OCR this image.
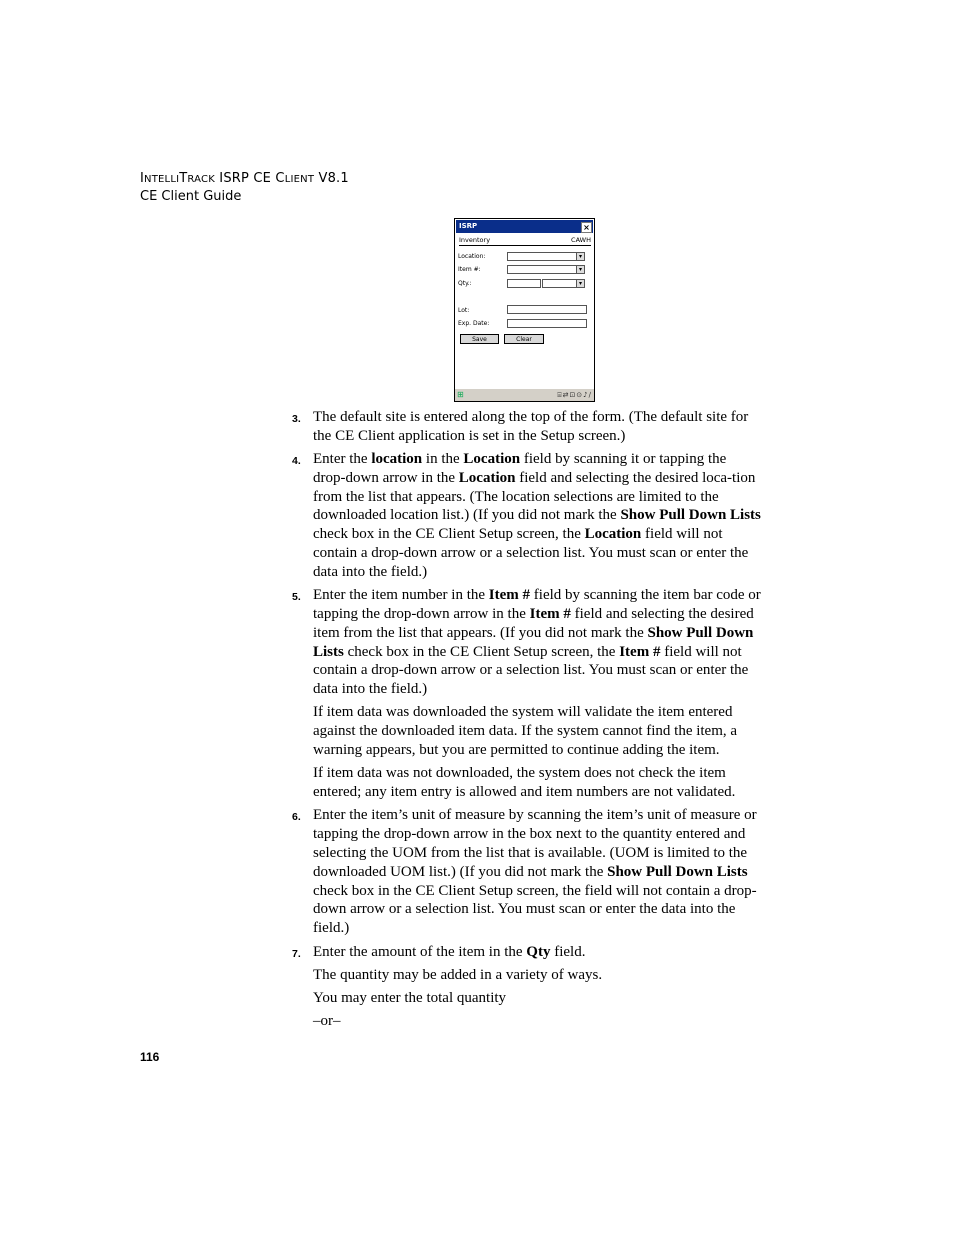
INTELLITRACK ISRP CE CLIENT V8.1
CE Client Guide
ISRP	×
Inventory	CAWH
Location:	▾
Item #:	▾
Qty.:	▾
Lot:
Exp. Date:
Save	Clear
⊞	⌸⇄⊡⊙♪∕
3. The default site is entered along the top of the form. (The default site for the CE Client application is set in the Setup screen.)

4. Enter the location in the Location field by scanning it or tapping the drop-down arrow in the Location field and selecting the desired loca-tion from the list that appears. (The location selections are limited to the downloaded location list.) (If you did not mark the Show Pull Down Lists check box in the CE Client Setup screen, the Location field will not contain a drop-down arrow or a selection list. You must scan or enter the data into the field.)

5. Enter the item number in the Item # field by scanning the item bar code or tapping the drop-down arrow in the Item # field and selecting the desired item from the list that appears. (If you did not mark the Show Pull Down Lists check box in the CE Client Setup screen, the Item # field will not contain a drop-down arrow or a selection list. You must scan or enter the data into the field.)

If item data was downloaded the system will validate the item entered against the downloaded item data. If the system cannot find the item, a warning appears, but you are permitted to continue adding the item.

If item data was not downloaded, the system does not check the item entered; any item entry is allowed and item numbers are not validated.

6. Enter the item’s unit of measure by scanning the item’s unit of measure or tapping the drop-down arrow in the box next to the quantity entered and selecting the UOM from the list that is available. (UOM is limited to the downloaded UOM list.) (If you did not mark the Show Pull Down Lists check box in the CE Client Setup screen, the field will not contain a drop-down arrow or a selection list. You must scan or enter the data into the field.)

7. Enter the amount of the item in the Qty field.

The quantity may be added in a variety of ways.

You may enter the total quantity

–or–

116
